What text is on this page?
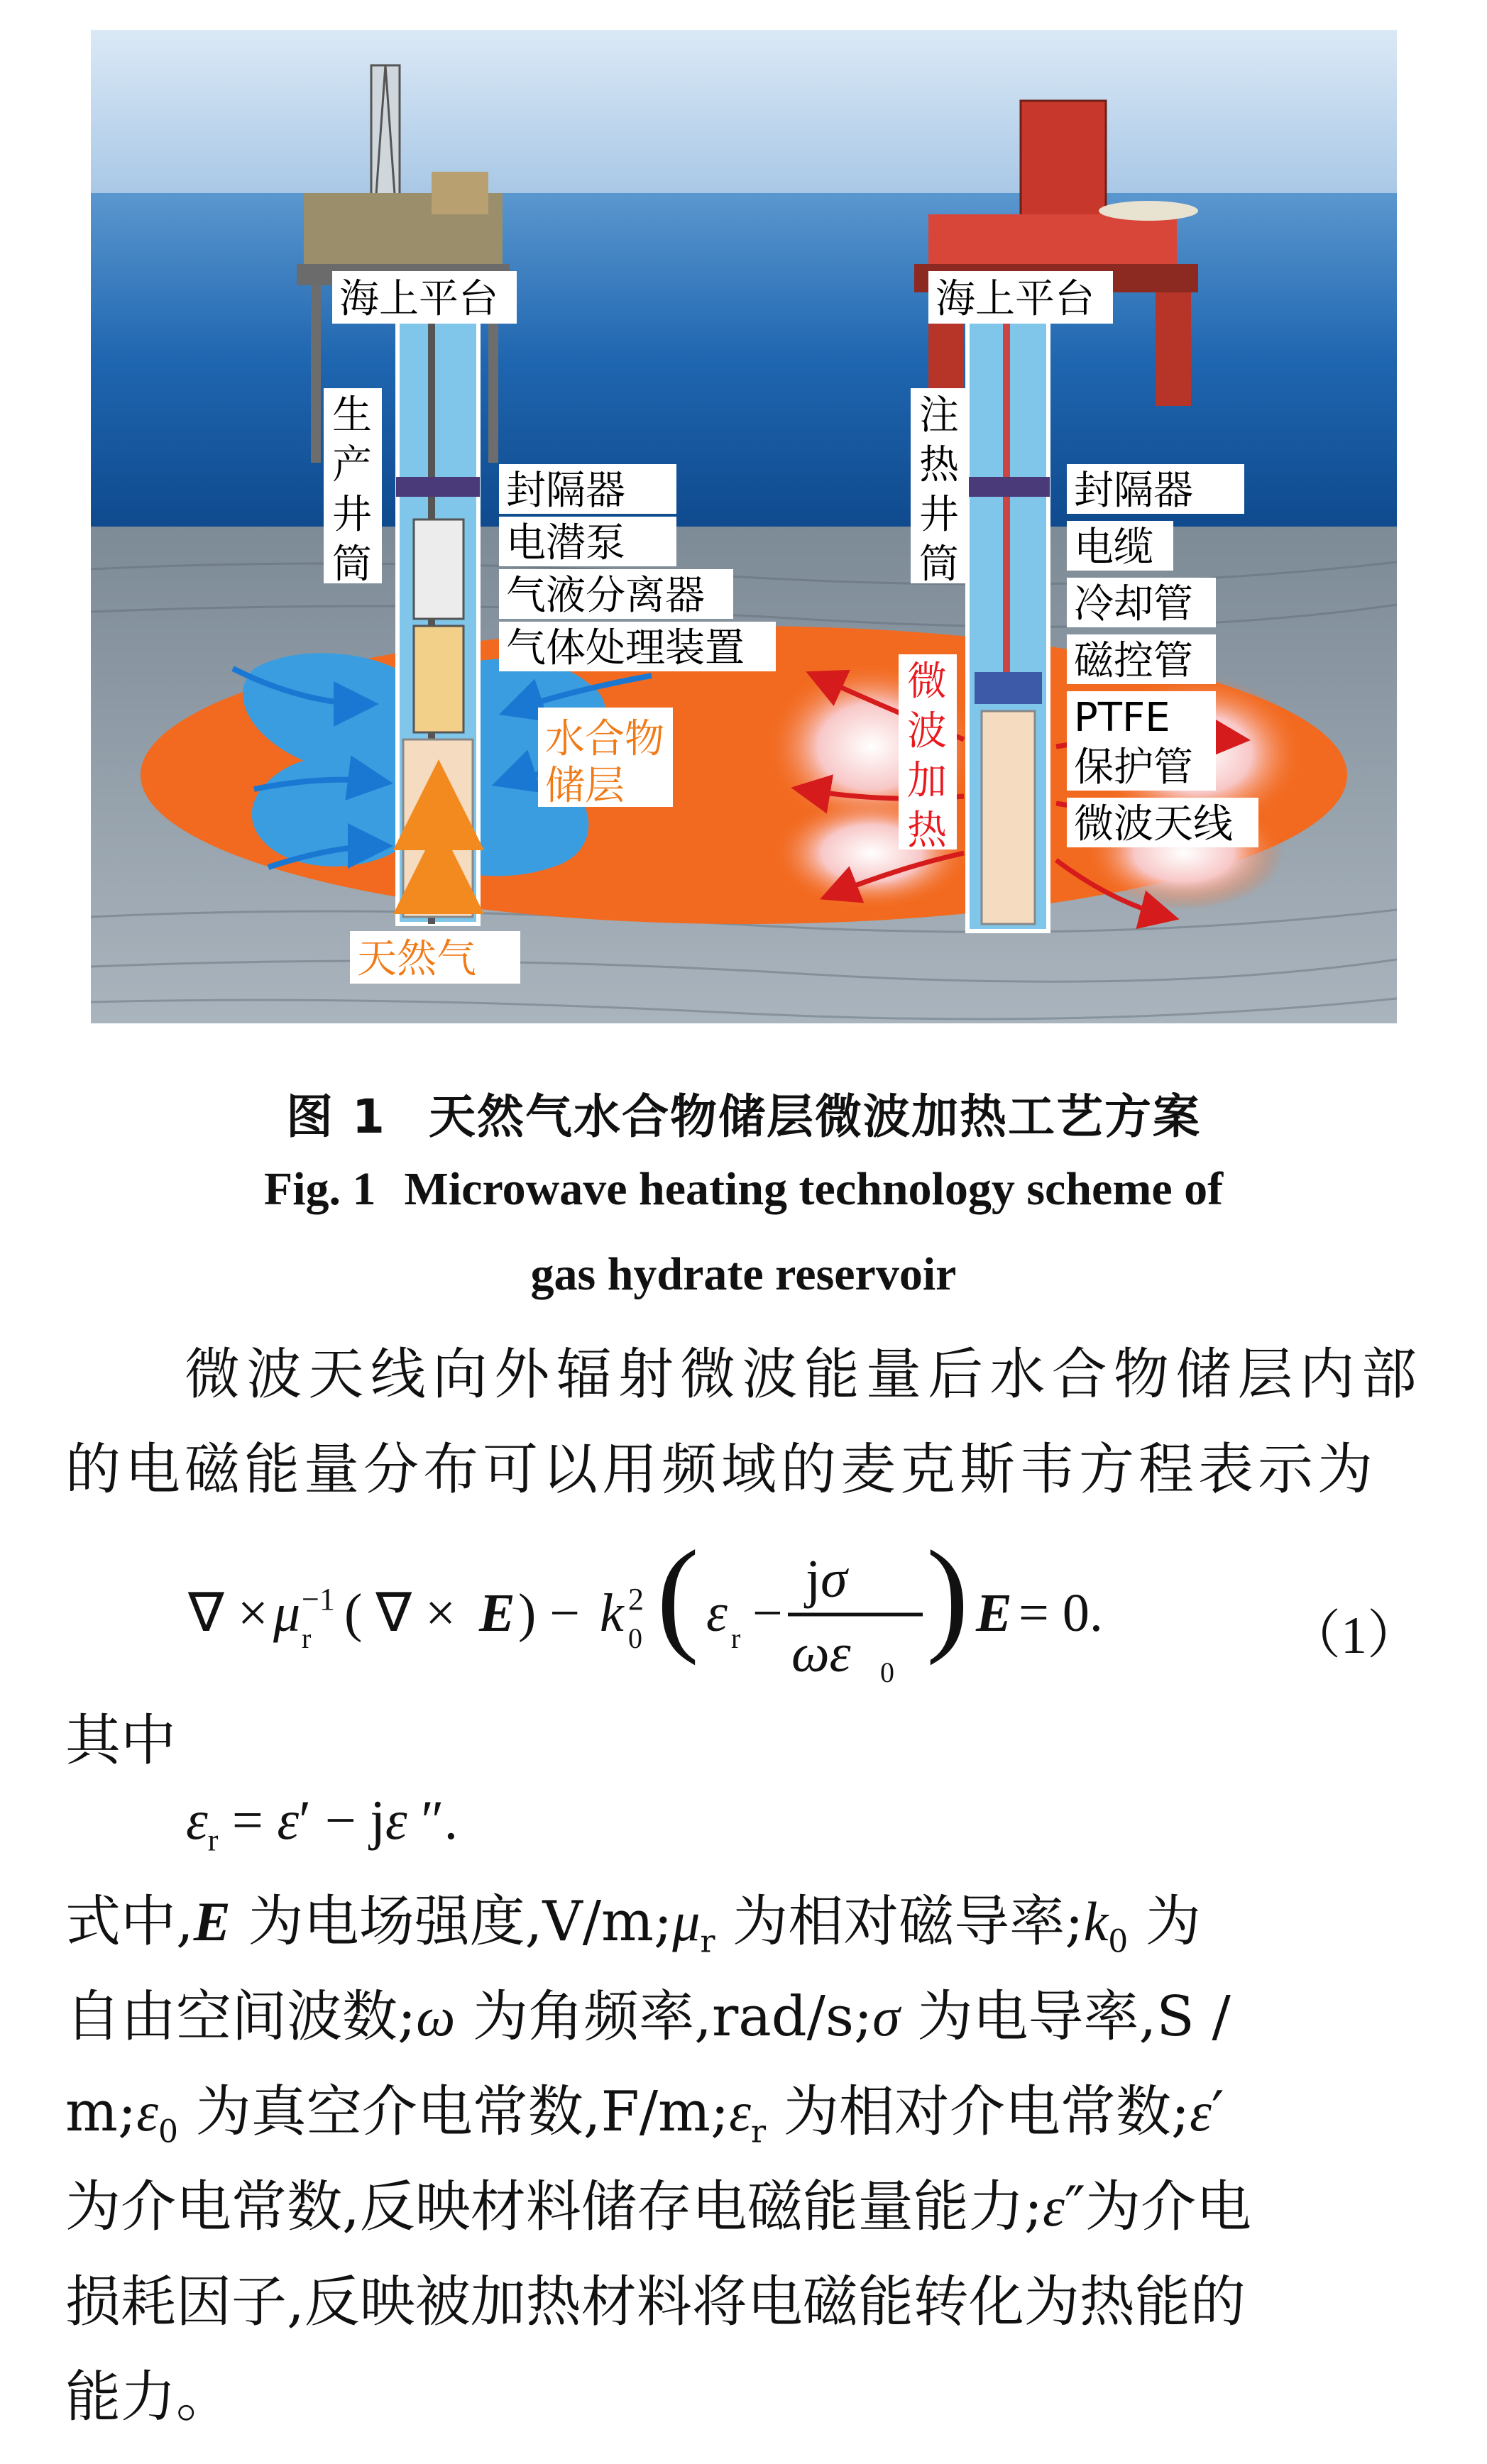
海上平台	海上平台
生
产
井
筒
注
热
井
筒
封隔器
电潜泵
气液分离器
气体处理装置
水合物
储层
天然气
微
波
加
热
封隔器
电缆
冷却管
磁控管
PTFE
保护管
微波天线
图 1 天然气水合物储层微波加热工艺方案
Fig. 1 Microwave heating technology scheme of
gas hydrate reservoir
微波天线向外辐射微波能量后水合物储层内部的电磁能量分布可以用频域的麦克斯韦方程表示为
∇ × μ −1
r ( ∇ × E ) − k 2
0 ( ε r −
jσ
ωε 0
) E = 0.	（1）
其中
$\varepsilon_r = \varepsilon' - j\varepsilon$ ″.
式中,E 为电场强度$,V/m;\mu_r$ 为相对磁导率$;k_0$ 为
自由空间波数;ω 为角频率,rad/s;σ 为电导率,S /
$m;\varepsilon_0$ 为真空介电常数$,F/m;\varepsilon_r$ 为相对介电常数;ε′
为介电常数,反映材料储存电磁能量能力;ε″为介电
损耗因子,反映被加热材料将电磁能转化为热能的
能力。
